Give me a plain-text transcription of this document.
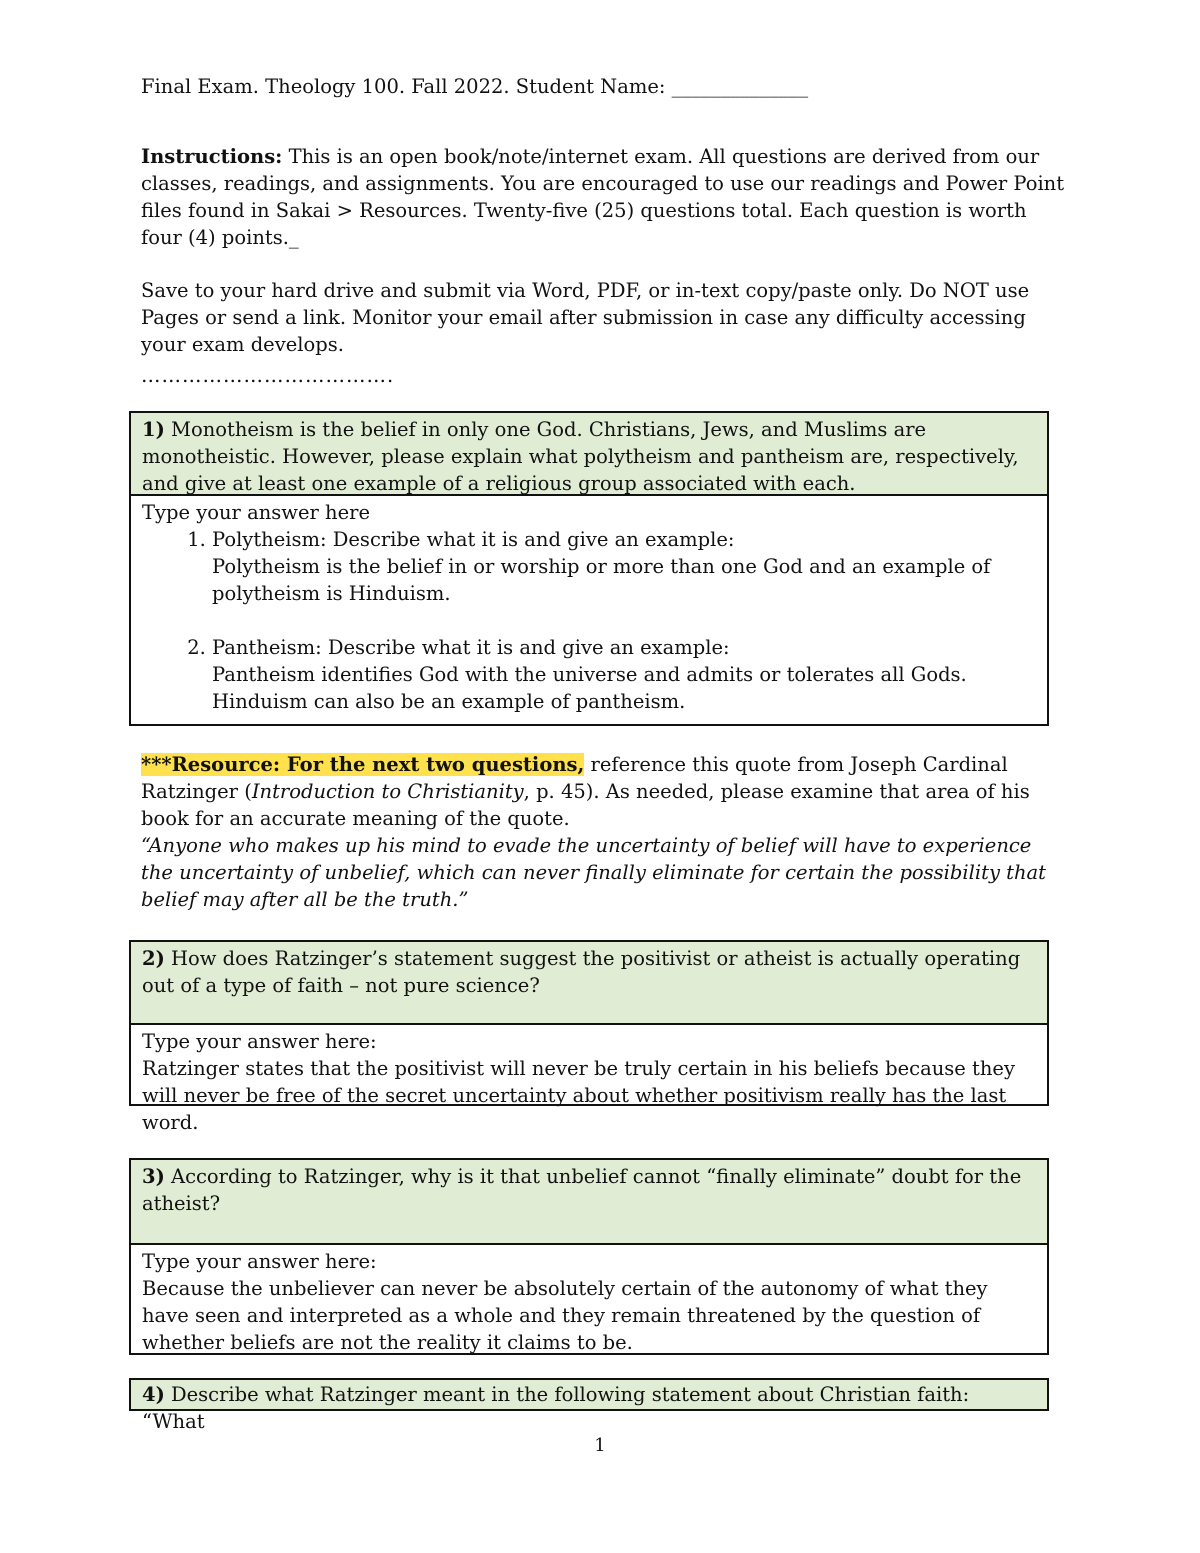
Final Exam. Theology 100. Fall 2022. Student Name: ______________

Instructions: This is an open book/note/internet exam. All questions are derived from our classes, readings, and assignments. You are encouraged to use our readings and Power Point files found in Sakai > Resources. Twenty-five (25) questions total. Each question is worth four (4) points._

Save to your hard drive and submit via Word, PDF, or in-text copy/paste only. Do NOT use Pages or send a link. Monitor your email after submission in case any difficulty accessing your exam develops.

……………………………….

1) Monotheism is the belief in only one God. Christians, Jews, and Muslims are monotheistic. However, please explain what polytheism and pantheism are, respectively, and give at least one example of a religious group associated with each.
Type your answer here
1. Polytheism: Describe what it is and give an example:
Polytheism is the belief in or worship or more than one God and an example of polytheism is Hinduism.
2. Pantheism: Describe what it is and give an example:
Pantheism identifies God with the universe and admits or tolerates all Gods. Hinduism can also be an example of pantheism.
***Resource: For the next two questions, reference this quote from Joseph Cardinal Ratzinger (Introduction to Christianity, p. 45). As needed, please examine that area of his book for an accurate meaning of the quote.
“Anyone who makes up his mind to evade the uncertainty of belief will have to experience the uncertainty of unbelief, which can never finally eliminate for certain the possibility that belief may after all be the truth.”
2) How does Ratzinger’s statement suggest the positivist or atheist is actually operating out of a type of faith – not pure science?
Type your answer here:
Ratzinger states that the positivist will never be truly certain in his beliefs because they will never be free of the secret uncertainty about whether positivism really has the last word.
3) According to Ratzinger, why is it that unbelief cannot “finally eliminate” doubt for the atheist?
Type your answer here:
Because the unbeliever can never be absolutely certain of the autonomy of what they have seen and interpreted as a whole and they remain threatened by the question of whether beliefs are not the reality it claims to be.
4) Describe what Ratzinger meant in the following statement about Christian faith: “What
1
